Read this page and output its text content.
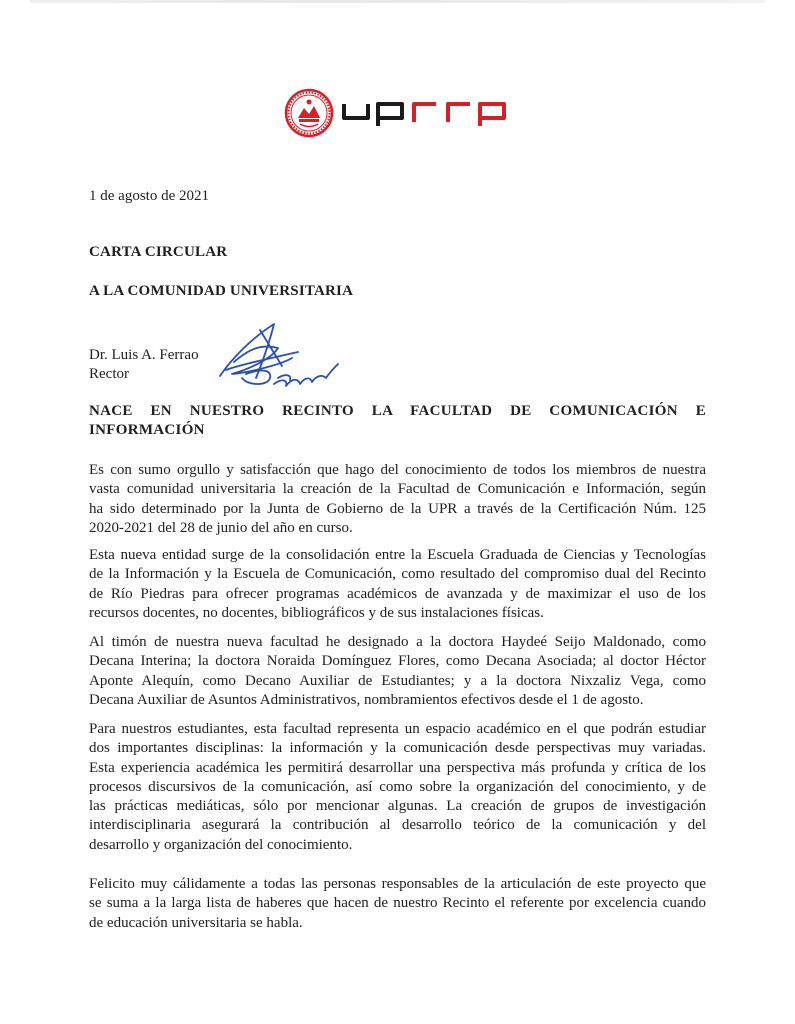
1 de agosto de 2021
CARTA CIRCULAR
A LA COMUNIDAD UNIVERSITARIA
Dr. Luis A. Ferrao
Rector
NACE EN NUESTRO RECINTO LA FACULTAD DE COMUNICACIÓN E
INFORMACIÓN
Es con sumo orgullo y satisfacción que hago del conocimiento de todos los miembros de nuestra
vasta comunidad universitaria la creación de la Facultad de Comunicación e Información, según
ha sido determinado por la Junta de Gobierno de la UPR a través de la Certificación Núm. 125
2020-2021 del 28 de junio del año en curso.
Esta nueva entidad surge de la consolidación entre la Escuela Graduada de Ciencias y Tecnologías
de la Información y la Escuela de Comunicación, como resultado del compromiso dual del Recinto
de Río Piedras para ofrecer programas académicos de avanzada y de maximizar el uso de los
recursos docentes, no docentes, bibliográficos y de sus instalaciones físicas.
Al timón de nuestra nueva facultad he designado a la doctora Haydeé Seijo Maldonado, como
Decana Interina; la doctora Noraida Domínguez Flores, como Decana Asociada; al doctor Héctor
Aponte Alequín, como Decano Auxiliar de Estudiantes; y a la doctora Nixzaliz Vega, como
Decana Auxiliar de Asuntos Administrativos, nombramientos efectivos desde el 1 de agosto.
Para nuestros estudiantes, esta facultad representa un espacio académico en el que podrán estudiar
dos importantes disciplinas: la información y la comunicación desde perspectivas muy variadas.
Esta experiencia académica les permitirá desarrollar una perspectiva más profunda y crítica de los
procesos discursivos de la comunicación, así como sobre la organización del conocimiento, y de
las prácticas mediáticas, sólo por mencionar algunas. La creación de grupos de investigación
interdisciplinaria asegurará la contribución al desarrollo teórico de la comunicación y del
desarrollo y organización del conocimiento.
Felicito muy cálidamente a todas las personas responsables de la articulación de este proyecto que
se suma a la larga lista de haberes que hacen de nuestro Recinto el referente por excelencia cuando
de educación universitaria se habla.
